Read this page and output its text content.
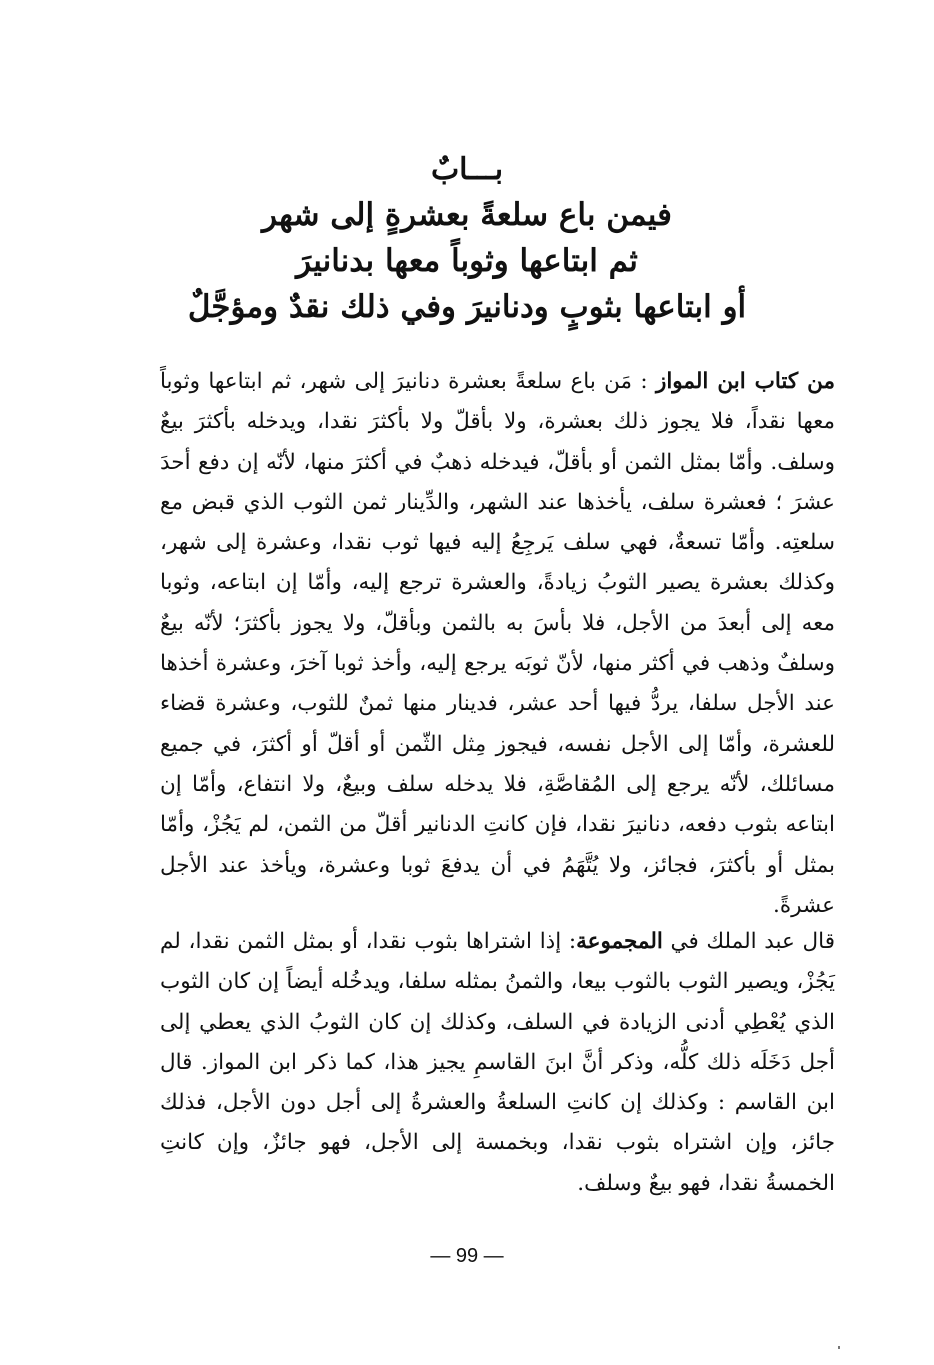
بـــابٌ
فيمن باع سلعةً بعشرةٍ إلى شهر
ثم ابتاعها وثوباً معها بدنانيرَ
أو ابتاعها بثوبٍ ودنانيرَ وفي ذلك نقدٌ ومؤجَّلٌ
من كتاب ابن المواز : مَن باع سلعةً بعشرة دنانيرَ إلى شهر، ثم ابتاعها وثوباً معها نقداً، فلا يجوز ذلك بعشرة، ولا بأقلّ ولا بأكثرَ نقدا، ويدخله بأكثرَ بيعٌ وسلف. وأمّا بمثل الثمن أو بأقلّ، فيدخله ذهبٌ في أكثرَ منها، لأنّه إن دفع أحدَ عشرَ ؛ فعشرة سلف، يأخذها عند الشهر، والدِّينار ثمن الثوب الذي قبض مع سلعتِه. وأمّا تسعةٌ، فهي سلف يَرجِعُ إليه فيها ثوب نقدا، وعشرة إلى شهر، وكذلك بعشرة يصير الثوبُ زيادةً، والعشرة ترجع إليه، وأمّا إن ابتاعه، وثوبا معه إلى أبعدَ من الأجل، فلا بأسَ به بالثمن وبأقلّ، ولا يجوز بأكثرَ؛ لأنّه بيعٌ وسلفٌ وذهب في أكثر منها، لأنّ ثوبَه يرجع إليه، وأخذ ثوبا آخرَ، وعشرة أخذها عند الأجل سلفا، يردُّ فيها أحد عشر، فدينار منها ثمنٌ للثوب، وعشرة قضاء للعشرة، وأمّا إلى الأجل نفسه، فيجوز مِثل الثّمن أو أقلّ أو أكثرَ، في جميع مسائلك، لأنّه يرجع إلى المُقاصَّةِ، فلا يدخله سلف وبيعٌ، ولا انتفاع، وأمّا إن ابتاعه بثوب دفعه، دنانيرَ نقدا، فإن كانتِ الدنانير أقلّ من الثمن، لم يَجُزْ، وأمّا بمثل أو بأكثرَ، فجائز، ولا يُتَّهَمُ في أن يدفعَ ثوبا وعشرة، ويأخذ عند الأجل عشرةً.
قال عبد الملك في المجموعة: إذا اشتراها بثوب نقدا، أو بمثل الثمن نقدا، لم يَجُزْ، ويصير الثوب بالثوب بيعا، والثمنُ بمثله سلفا، ويدخُله أيضاً إن كان الثوب الذي يُعْطِي أدنى الزيادة في السلف، وكذلك إن كان الثوبُ الذي يعطي إلى أجل دَخَلَه ذلك كلُّه، وذكر أنَّ ابنَ القاسمِ يجيز هذا، كما ذكر ابن المواز. قال ابن القاسم : وكذلك إن كانتِ السلعةُ والعشرةُ إلى أجل دون الأجل، فذلك جائز، وإن اشتراه بثوب نقدا، وبخمسة إلى الأجل، فهو جائزٌ، وإن كانتِ الخمسةُ نقدا، فهو بيعٌ وسلف.
— 99 —
